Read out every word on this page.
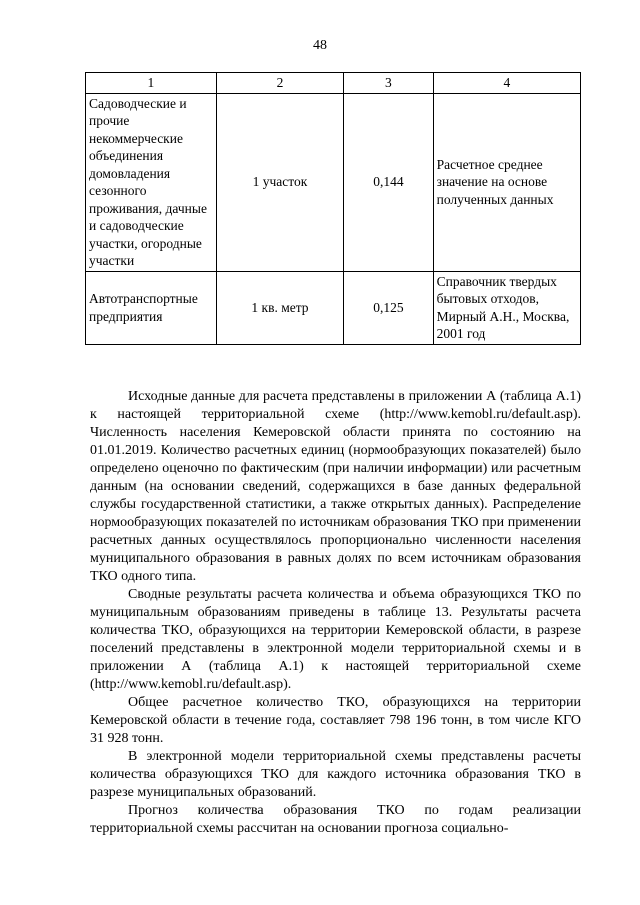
48
1	2	3	4
Садоводческие и прочие некоммерческие объединения домовладения сезонного проживания, дачные и садоводческие участки, огородные участки	1 участок	0,144	Расчетное среднее значение на основе полученных данных
Автотранспортные предприятия	1 кв. метр	0,125	Справочник твердых бытовых отходов, Мирный А.Н., Москва, 2001 год

Исходные данные для расчета представлены в приложении А (таблица А.1) к настоящей территориальной схеме (http://www.kemobl.ru/default.asp). Численность населения Кемеровской области принята по состоянию на 01.01.2019. Количество расчетных единиц (нормообразующих показателей) было определено оценочно по фактическим (при наличии информации) или расчетным данным (на основании сведений, содержащихся в базе данных федеральной службы государственной статистики, а также открытых данных). Распределение нормообразующих показателей по источникам образования ТКО при применении расчетных данных осуществлялось пропорционально численности населения муниципального образования в равных долях по всем источникам образования ТКО одного типа.

Сводные результаты расчета количества и объема образующихся ТКО по муниципальным образованиям приведены в таблице 13. Результаты расчета количества ТКО, образующихся на территории Кемеровской области, в разрезе поселений представлены в электронной модели территориальной схемы и в приложении А (таблица А.1) к настоящей территориальной схеме (http://www.kemobl.ru/default.asp).

Общее расчетное количество ТКО, образующихся на территории Кемеровской области в течение года, составляет 798 196 тонн, в том числе КГО 31 928 тонн.

В электронной модели территориальной схемы представлены расчеты количества образующихся ТКО для каждого источника образования ТКО в разрезе муниципальных образований.

Прогноз количества образования ТКО по годам реализации территориальной схемы рассчитан на основании прогноза социально-
